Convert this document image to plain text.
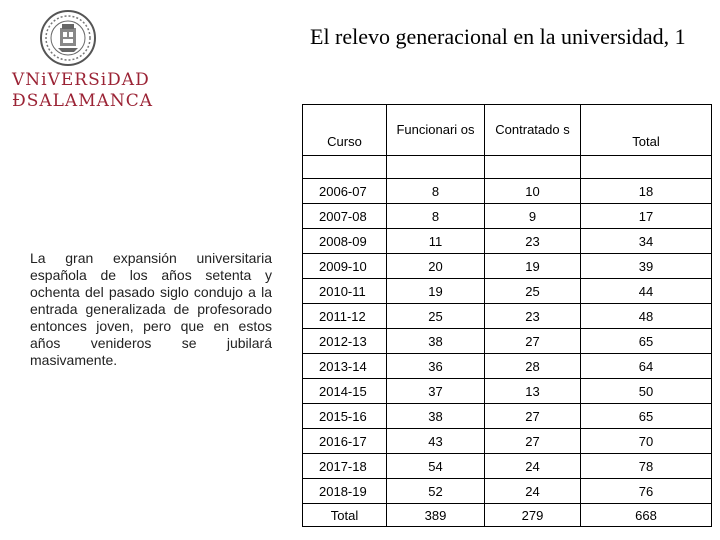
VNiVERSiDAD
ÐSALAMANCA
El relevo generacional en la universidad, 1
La gran expansión universitaria española de los años setenta y ochenta del pasado siglo condujo a la entrada generalizada de profesorado entonces joven, pero que en estos años venideros se jubilará masivamente.
Curso	Funcionari os	Contratado s	Total

2006-07	8	10	18
2007-08	8	9	17
2008-09	11	23	34
2009-10	20	19	39
2010-11	19	25	44
2011-12	25	23	48
2012-13	38	27	65
2013-14	36	28	64
2014-15	37	13	50
2015-16	38	27	65
2016-17	43	27	70
2017-18	54	24	78
2018-19	52	24	76
Total	389	279	668
